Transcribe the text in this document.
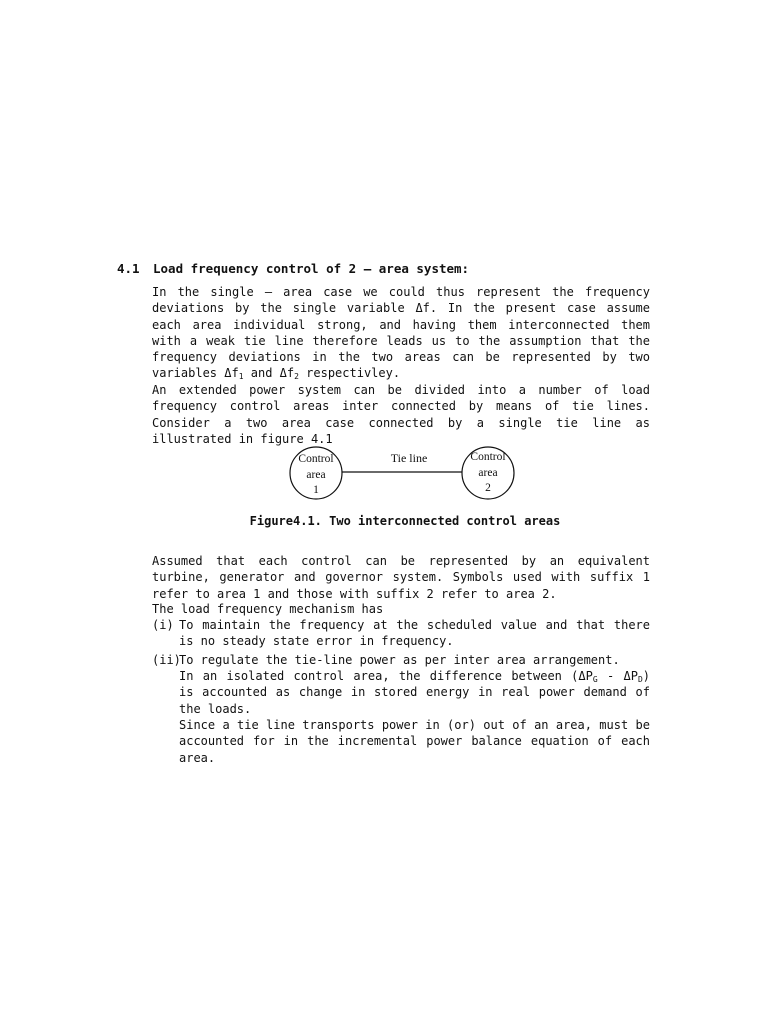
4.1 Load frequency control of 2 – area system:
In the single – area case we could thus represent the frequency deviations by the single variable Δf. In the present case assume each area individual strong, and having them interconnected them with a weak tie line therefore leads us to the assumption that the frequency deviations in the two areas can be represented by two variables $\Delta f_1$ and $\Delta f_2$ respectivley.
An extended power system can be divided into a number of load frequency control areas inter connected by means of tie lines. Consider a two area case connected by a single tie line as illustrated in figure 4.1
Control
area
1
Tie line	Control
area
2
Figure4.1. Two interconnected control areas
Assumed that each control can be represented by an equivalent turbine, generator and governor system. Symbols used with suffix 1 refer to area 1 and those with suffix 2 refer to area 2.
The load frequency mechanism has
(i) To maintain the frequency at the scheduled value and that there is no steady state error in frequency.
(ii)
To regulate the tie-line power as per inter area arrangement.
In an isolated control area, the difference between $(\Delta P_G - \Delta P_D)$ is accounted as change in stored energy in real power demand of the loads.
Since a tie line transports power in (or) out of an area, must be accounted for in the incremental power balance equation of each area.
